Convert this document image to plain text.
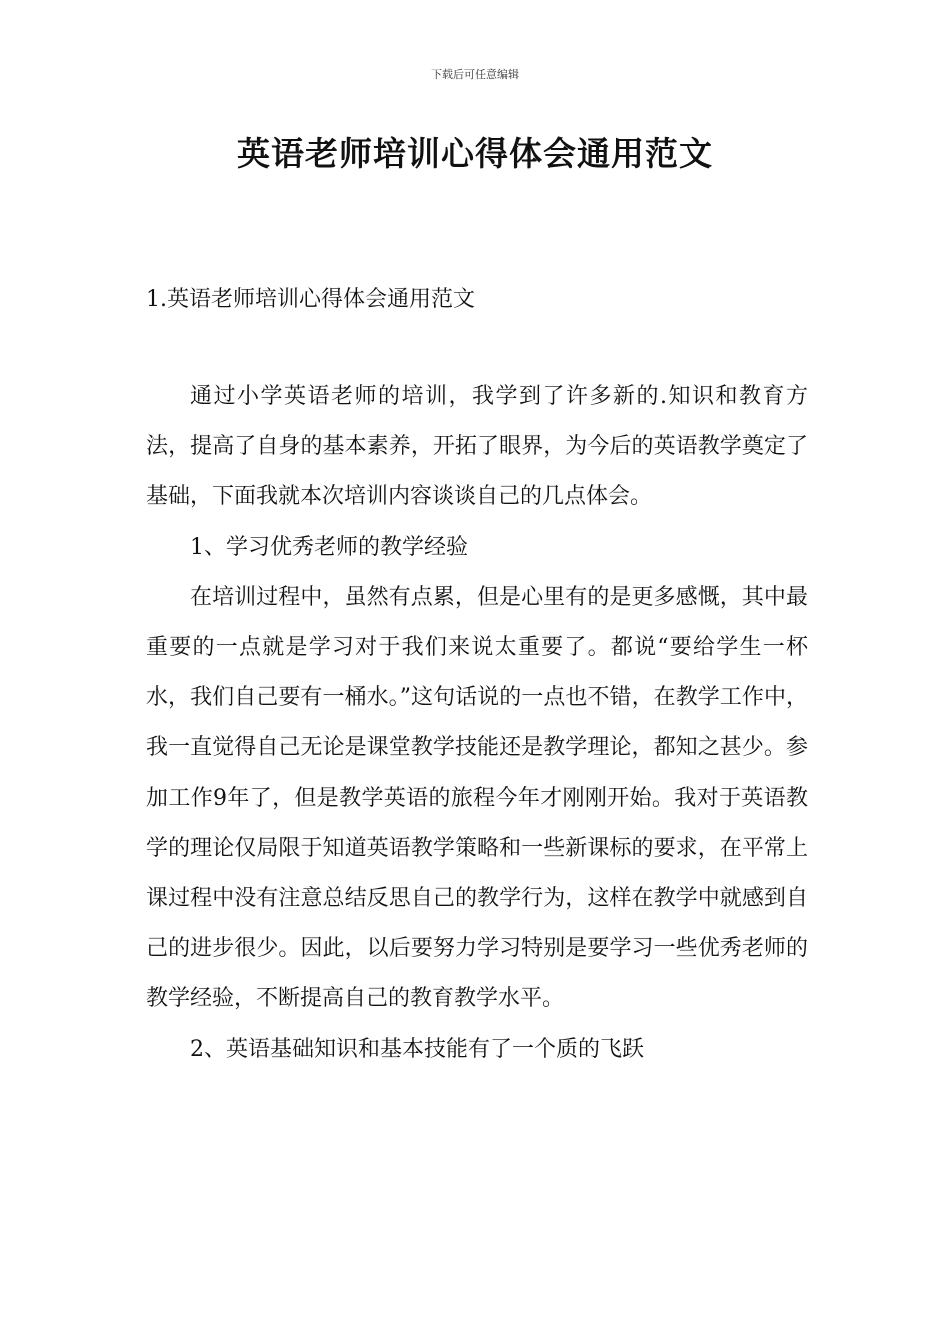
下载后可任意编辑
英语老师培训心得体会通用范文
1.英语老师培训心得体会通用范文

通过小学英语老师的培训，我学到了许多新的.知识和教育方法，提高了自身的基本素养，开拓了眼界，为今后的英语教学奠定了基础，下面我就本次培训内容谈谈自己的几点体会。

1、学习优秀老师的教学经验

在培训过程中，虽然有点累，但是心里有的是更多感慨，其中最重要的一点就是学习对于我们来说太重要了。都说“要给学生一杯水，我们自己要有一桶水。”这句话说的一点也不错，在教学工作中，我一直觉得自己无论是课堂教学技能还是教学理论，都知之甚少。参加工作9年了，但是教学英语的旅程今年才刚刚开始。我对于英语教学的理论仅局限于知道英语教学策略和一些新课标的要求，在平常上课过程中没有注意总结反思自己的教学行为，这样在教学中就感到自己的进步很少。因此，以后要努力学习特别是要学习一些优秀老师的教学经验，不断提高自己的教育教学水平。

2、英语基础知识和基本技能有了一个质的飞跃
